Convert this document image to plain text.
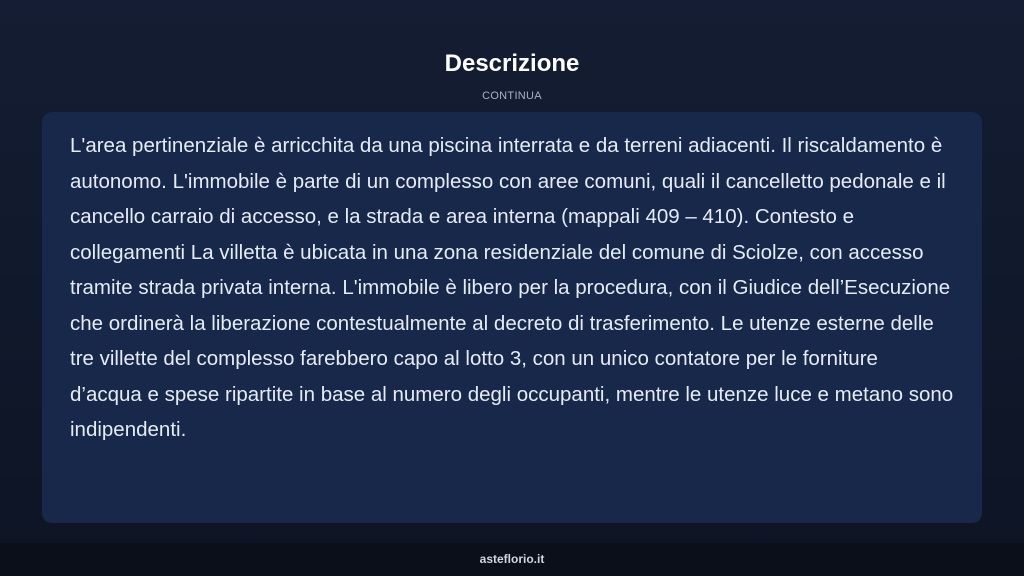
Descrizione
CONTINUA

L'area pertinenziale è arricchita da una piscina interrata e da terreni adiacenti. Il riscaldamento è autonomo. L'immobile è parte di un complesso con aree comuni, quali il cancelletto pedonale e il cancello carraio di accesso, e la strada e area interna (mappali 409 – 410). Contesto e collegamenti La villetta è ubicata in una zona residenziale del comune di Sciolze, con accesso tramite strada privata interna. L'immobile è libero per la procedura, con il Giudice dell’Esecuzione che ordinerà la liberazione contestualmente al decreto di trasferimento. Le utenze esterne delle tre villette del complesso farebbero capo al lotto 3, con un unico contatore per le forniture d’acqua e spese ripartite in base al numero degli occupanti, mentre le utenze luce e metano sono indipendenti.

asteflorio.it
